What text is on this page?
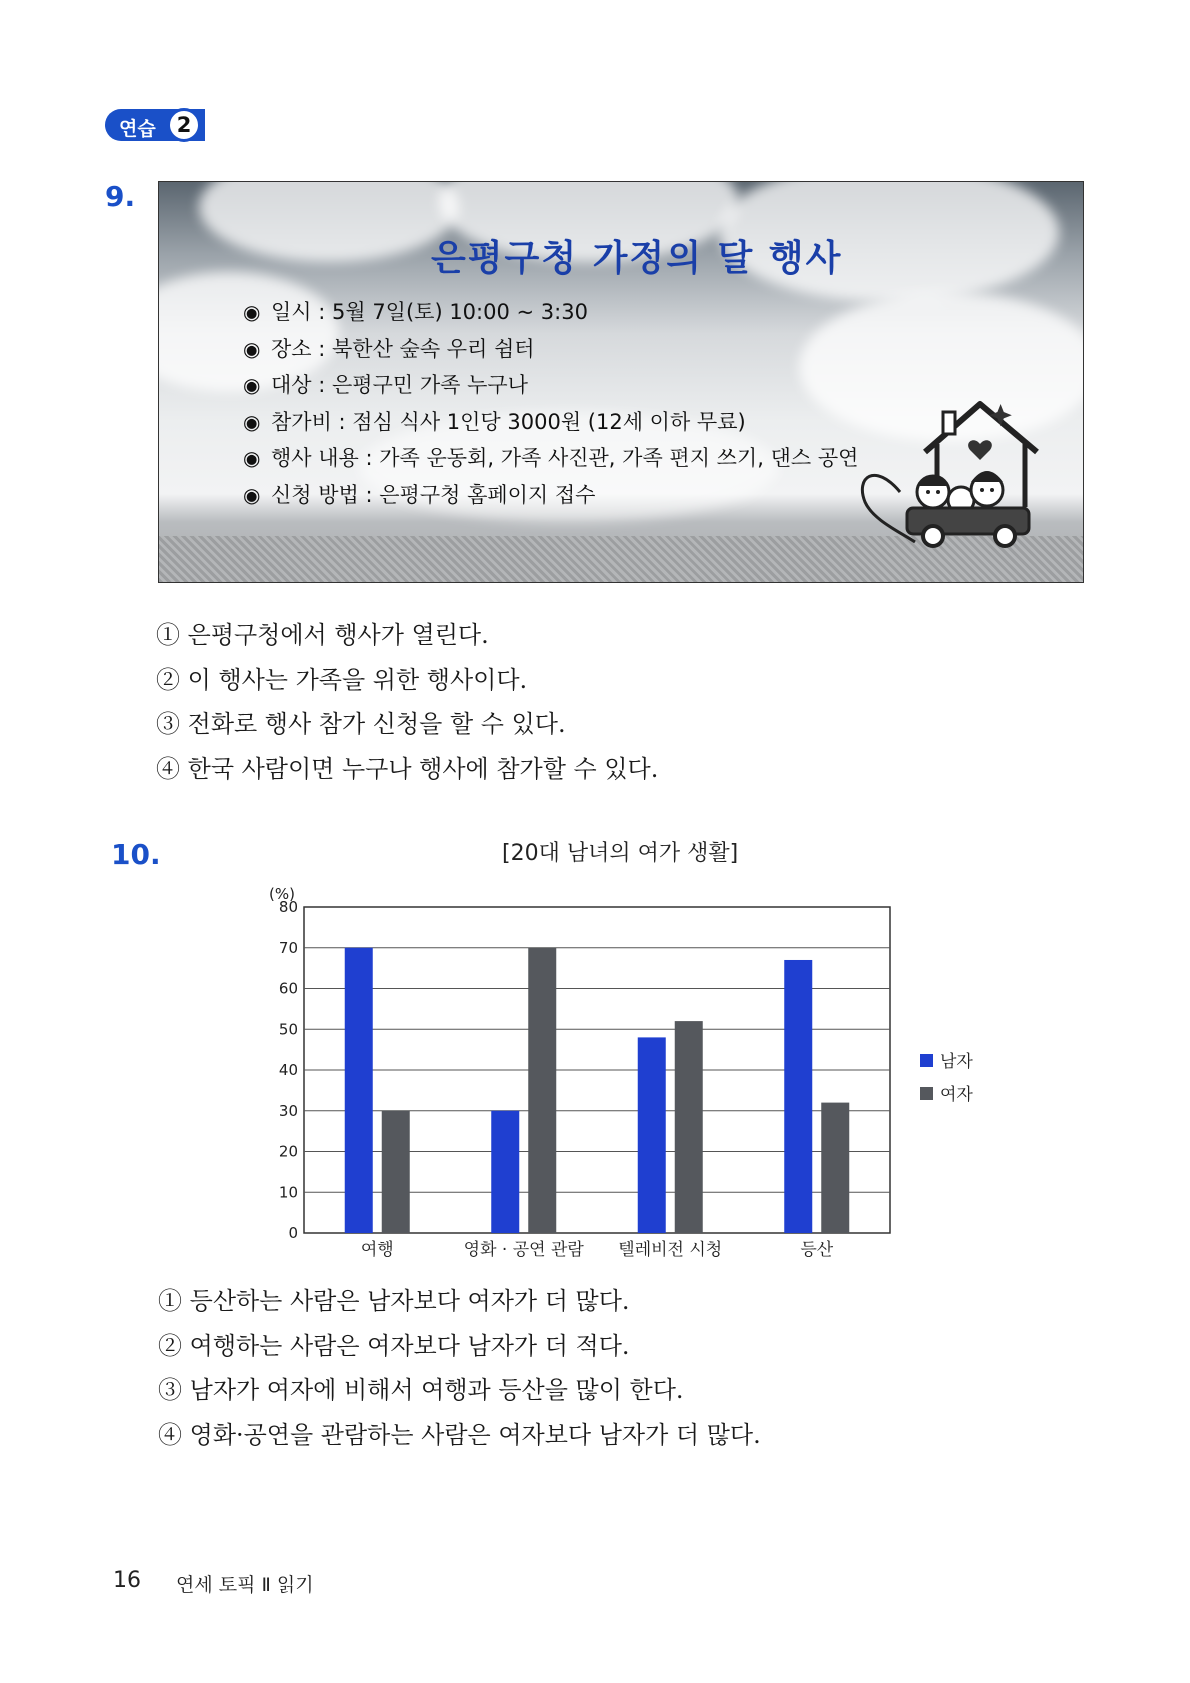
연습 2
9.
은평구청 가정의 달 행사
◉ 일시 : 5월 7일(토) 10:00 ~ 3:30
◉ 장소 : 북한산 숲속 우리 쉼터
◉ 대상 : 은평구민 가족 누구나
◉ 참가비 : 점심 식사 1인당 3000원 (12세 이하 무료)
◉ 행사 내용 : 가족 운동회, 가족 사진관, 가족 편지 쓰기, 댄스 공연
◉ 신청 방법 : 은평구청 홈페이지 접수
① 은평구청에서 행사가 열린다.
② 이 행사는 가족을 위한 행사이다.
③ 전화로 행사 참가 신청을 할 수 있다.
④ 한국 사람이면 누구나 행사에 참가할 수 있다.
10.	[20대 남녀의 여가 생활]
0
10
20
30
40
50
60
70
80
(%)
여행	영화 · 공연 관람 텔레비전 시청	등산
남자
여자
① 등산하는 사람은 남자보다 여자가 더 많다.
② 여행하는 사람은 여자보다 남자가 더 적다.
③ 남자가 여자에 비해서 여행과 등산을 많이 한다.
④ 영화·공연을 관람하는 사람은 여자보다 남자가 더 많다.
16 연세 토픽 Ⅱ 읽기
